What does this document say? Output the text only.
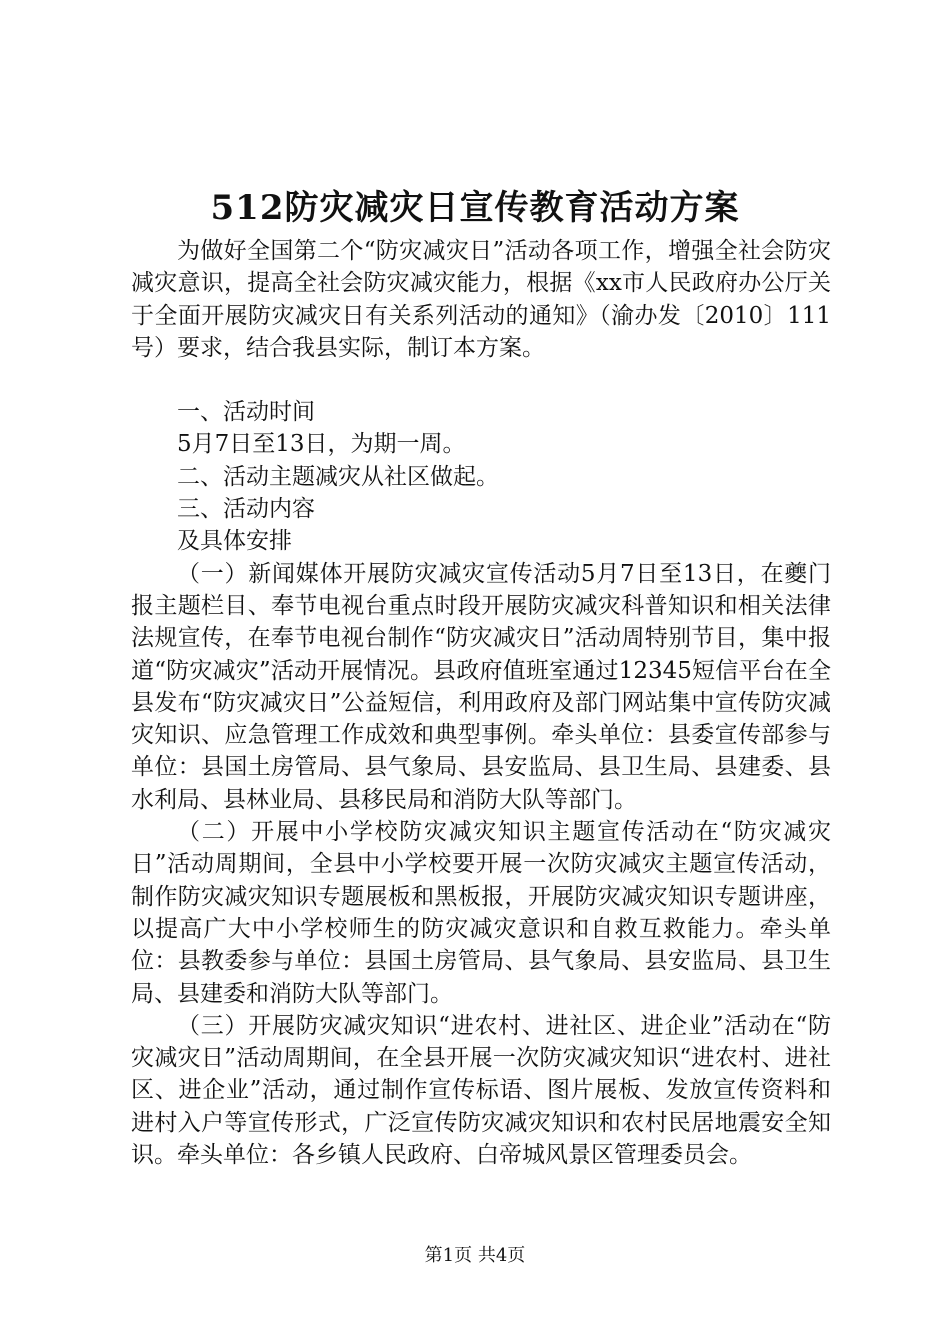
512防灾减灾日宣传教育活动方案

为做好全国第二个“防灾减灾日”活动各项工作，增强全社会防灾减灾意识，提高全社会防灾减灾能力，根据《xx市人民政府办公厅关于全面开展防灾减灾日有关系列活动的通知》（渝办发〔2010〕111号）要求，结合我县实际，制订本方案。

一、活动时间

5月7日至13日，为期一周。

二、活动主题减灾从社区做起。

三、活动内容

及具体安排

（一）新闻媒体开展防灾减灾宣传活动5月7日至13日，在夔门报主题栏目、奉节电视台重点时段开展防灾减灾科普知识和相关法律法规宣传，在奉节电视台制作“防灾减灾日”活动周特别节目，集中报道“防灾减灾”活动开展情况。县政府值班室通过12345短信平台在全县发布“防灾减灾日”公益短信，利用政府及部门网站集中宣传防灾减灾知识、应急管理工作成效和典型事例。牵头单位：县委宣传部参与单位：县国土房管局、县气象局、县安监局、县卫生局、县建委、县水利局、县林业局、县移民局和消防大队等部门。

（二）开展中小学校防灾减灾知识主题宣传活动在“防灾减灾日”活动周期间，全县中小学校要开展一次防灾减灾主题宣传活动，制作防灾减灾知识专题展板和黑板报，开展防灾减灾知识专题讲座，以提高广大中小学校师生的防灾减灾意识和自救互救能力。牵头单位：县教委参与单位：县国土房管局、县气象局、县安监局、县卫生局、县建委和消防大队等部门。

（三）开展防灾减灾知识“进农村、进社区、进企业”活动在“防灾减灾日”活动周期间，在全县开展一次防灾减灾知识“进农村、进社区、进企业”活动，通过制作宣传标语、图片展板、发放宣传资料和进村入户等宣传形式，广泛宣传防灾减灾知识和农村民居地震安全知识。牵头单位：各乡镇人民政府、白帝城风景区管理委员会。

第1页 共4页
